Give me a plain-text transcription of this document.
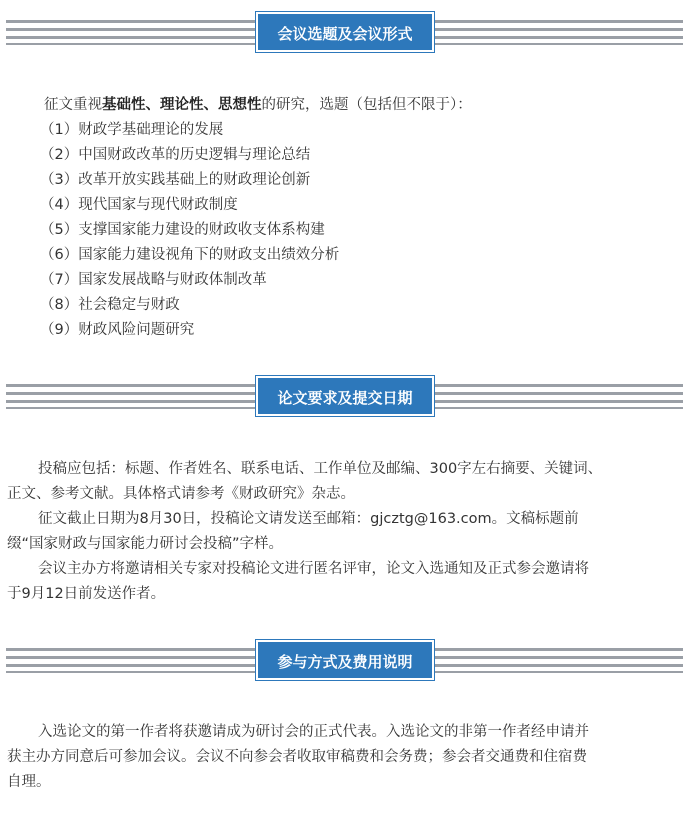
会议选题及会议形式
征文重视基础性、理论性、思想性的研究，选题（包括但不限于）：
（1）财政学基础理论的发展
（2）中国财政改革的历史逻辑与理论总结
（3）改革开放实践基础上的财政理论创新
（4）现代国家与现代财政制度
（5）支撑国家能力建设的财政收支体系构建
（6）国家能力建设视角下的财政支出绩效分析
（7）国家发展战略与财政体制改革
（8）社会稳定与财政
（9）财政风险问题研究
论文要求及提交日期
投稿应包括：标题、作者姓名、联系电话、工作单位及邮编、300字左右摘要、关键词、
正文、参考文献。具体格式请参考《财政研究》杂志。
征文截止日期为8月30日，投稿论文请发送至邮箱：gjcztg@163.com。文稿标题前
缀“国家财政与国家能力研讨会投稿”字样。
会议主办方将邀请相关专家对投稿论文进行匿名评审，论文入选通知及正式参会邀请将
于9月12日前发送作者。
参与方式及费用说明
入选论文的第一作者将获邀请成为研讨会的正式代表。入选论文的非第一作者经申请并
获主办方同意后可参加会议。会议不向参会者收取审稿费和会务费；参会者交通费和住宿费
自理。
